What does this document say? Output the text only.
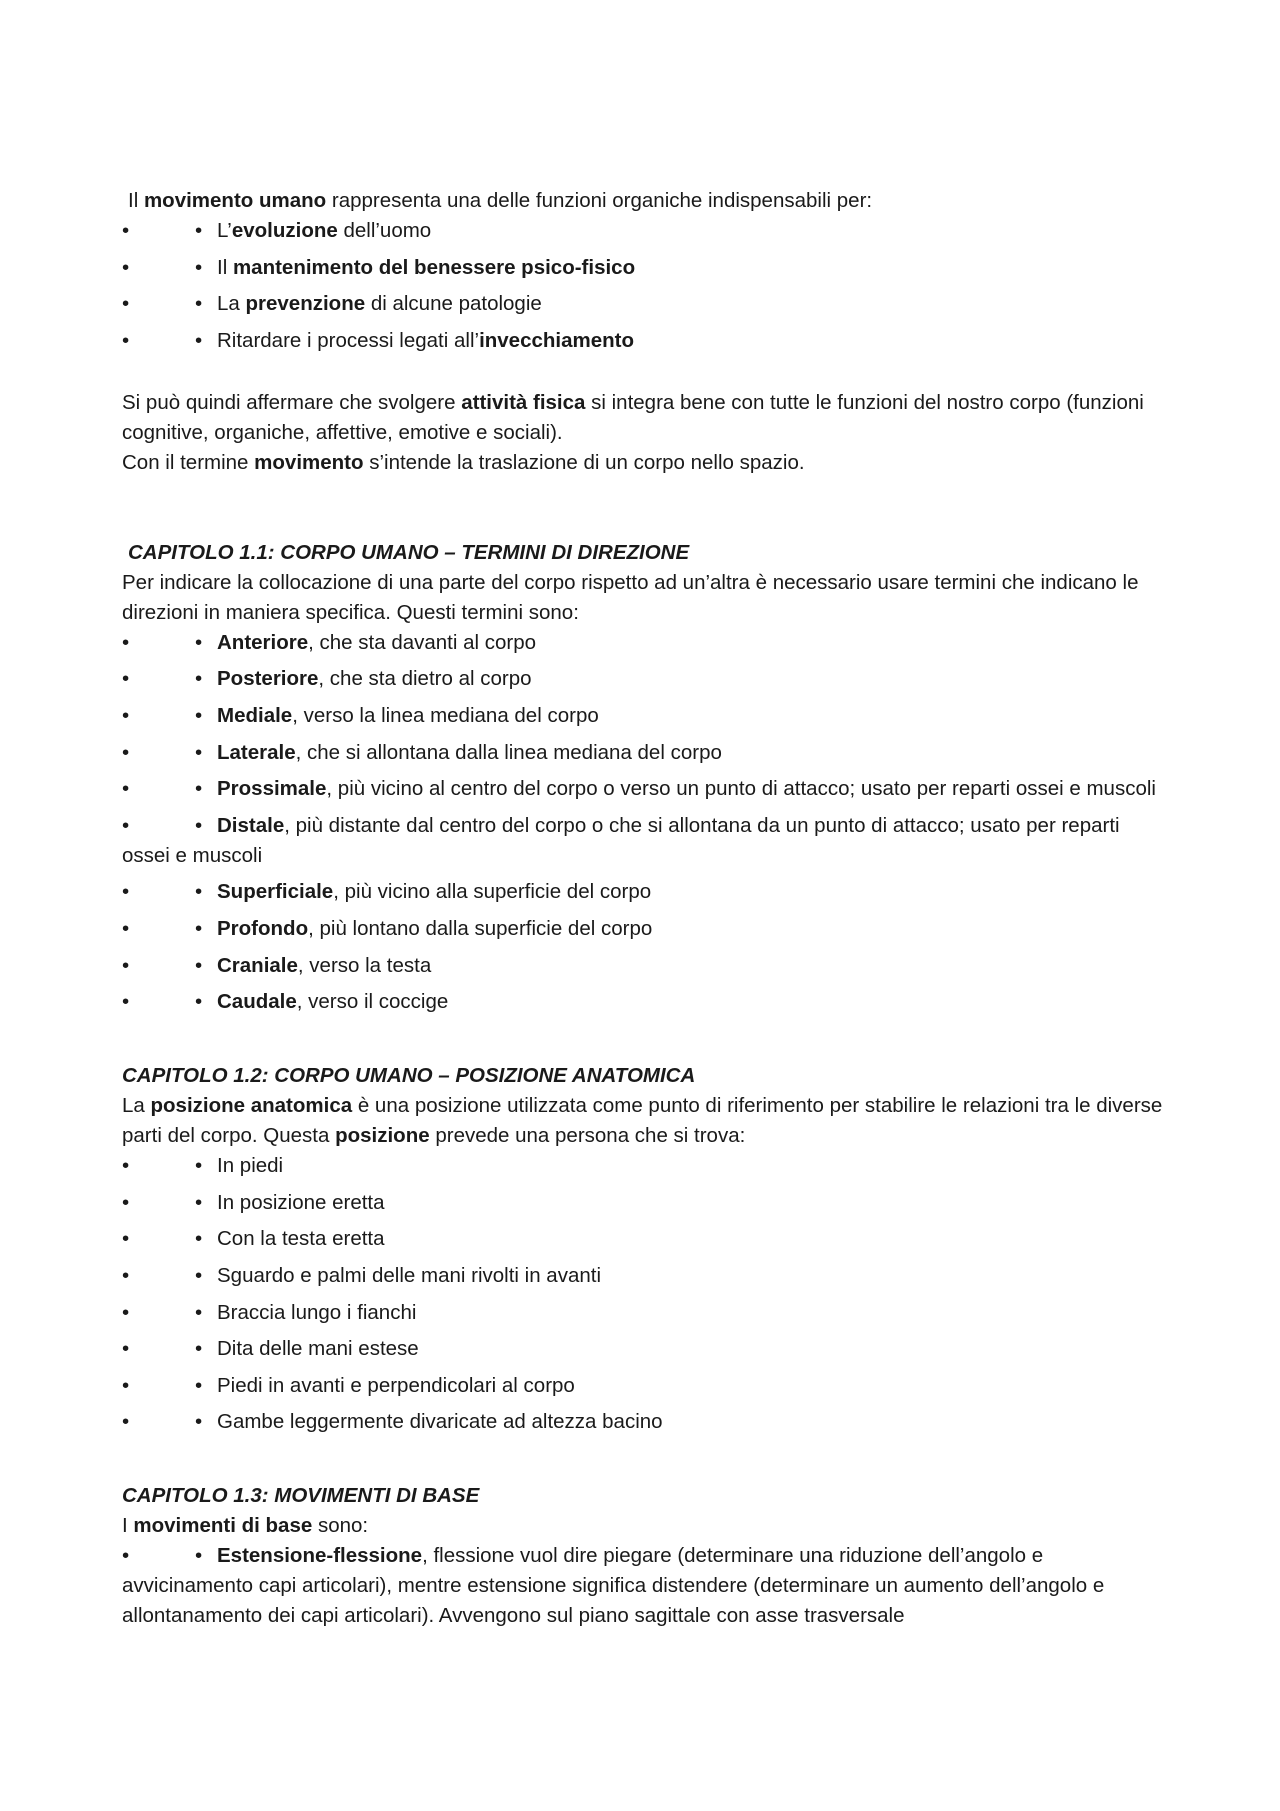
Il movimento umano rappresenta una delle funzioni organiche indispensabili per:

•	• L’evoluzione dell’uomo
•	• Il mantenimento del benessere psico-fisico
•	• La prevenzione di alcune patologie
•	• Ritardare i processi legati all’invecchiamento

Si può quindi affermare che svolgere attività fisica si integra bene con tutte le funzioni del nostro corpo (funzioni cognitive, organiche, affettive, emotive e sociali).

Con il termine movimento s’intende la traslazione di un corpo nello spazio.

CAPITOLO 1.1: CORPO UMANO – TERMINI DI DIREZIONE

Per indicare la collocazione di una parte del corpo rispetto ad un’altra è necessario usare termini che indicano le direzioni in maniera specifica. Questi termini sono:

•	• Anteriore, che sta davanti al corpo
•	• Posteriore, che sta dietro al corpo
•	• Mediale, verso la linea mediana del corpo
•	• Laterale, che si allontana dalla linea mediana del corpo
•	• Prossimale, più vicino al centro del corpo o verso un punto di attacco; usato per reparti ossei e muscoli
•	• Distale, più distante dal centro del corpo o che si allontana da un punto di attacco; usato per reparti ossei e muscoli
•	• Superficiale, più vicino alla superficie del corpo
•	• Profondo, più lontano dalla superficie del corpo
•	• Craniale, verso la testa
•	• Caudale, verso il coccige

CAPITOLO 1.2: CORPO UMANO – POSIZIONE ANATOMICA

La posizione anatomica è una posizione utilizzata come punto di riferimento per stabilire le relazioni tra le diverse parti del corpo. Questa posizione prevede una persona che si trova:

•	• In piedi
•	• In posizione eretta
•	• Con la testa eretta
•	• Sguardo e palmi delle mani rivolti in avanti
•	• Braccia lungo i fianchi
•	• Dita delle mani estese
•	• Piedi in avanti e perpendicolari al corpo
•	• Gambe leggermente divaricate ad altezza bacino

CAPITOLO 1.3: MOVIMENTI DI BASE

I movimenti di base sono:

•	• Estensione-flessione, flessione vuol dire piegare (determinare una riduzione dell’angolo e avvicinamento capi articolari), mentre estensione significa distendere (determinare un aumento dell’angolo e allontanamento dei capi articolari). Avvengono sul piano sagittale con asse trasversale
